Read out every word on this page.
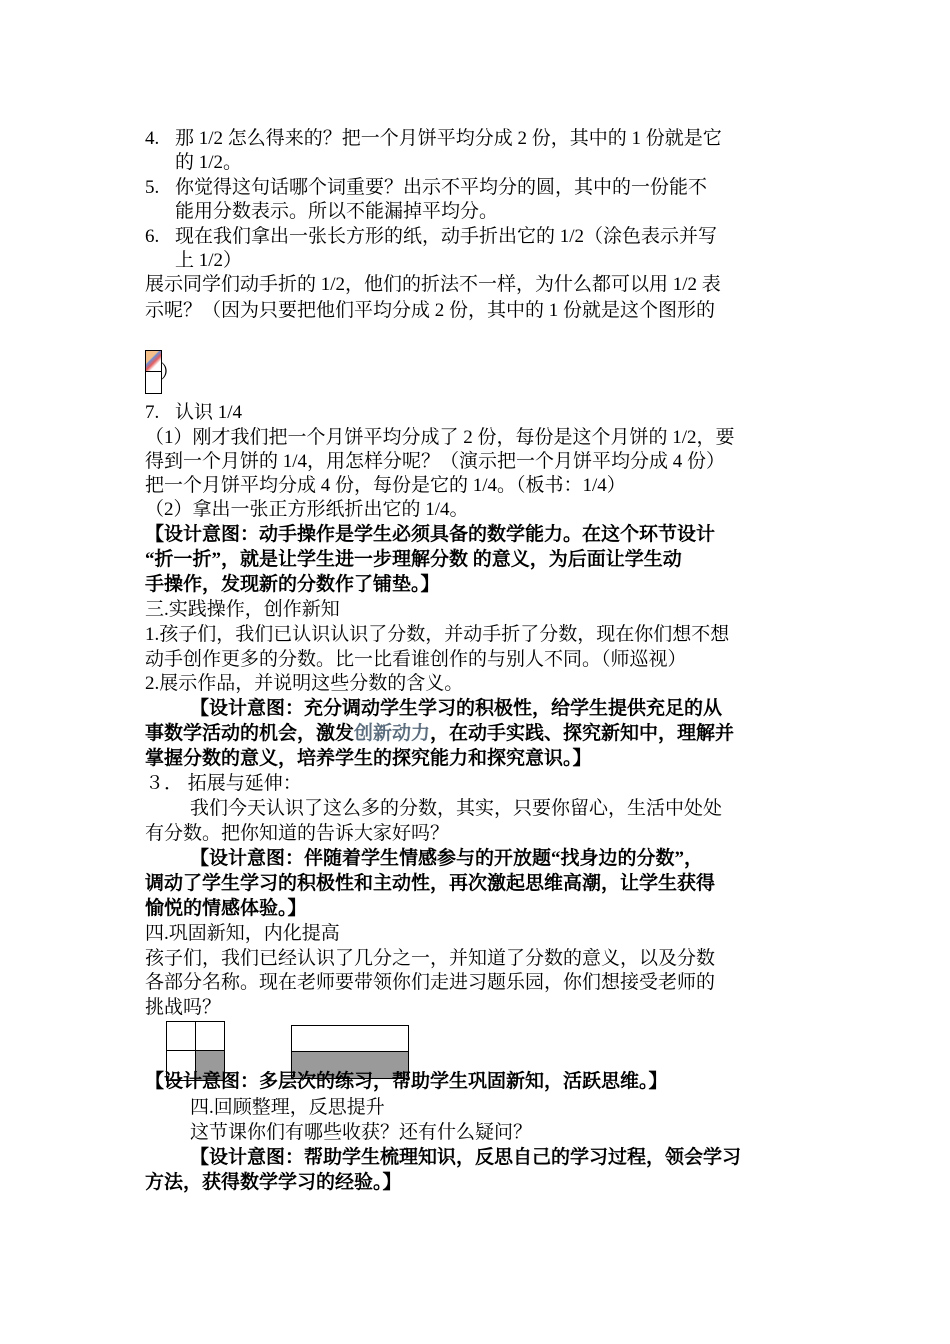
4. 那 1/2 怎么得来的？把一个月饼平均分成 2 份，其中的 1 份就是它
的 1/2。
5. 你觉得这句话哪个词重要？出示不平均分的圆，其中的一份能不
能用分数表示。所以不能漏掉平均分。
6. 现在我们拿出一张长方形的纸，动手折出它的 1/2（涂色表示并写
上 1/2）
展示同学们动手折的 1/2，他们的折法不一样，为什么都可以用 1/2 表
示呢？（因为只要把他们平均分成 2 份，其中的 1 份就是这个图形的
）
7. 认识 1/4
（1）刚才我们把一个月饼平均分成了 2 份，每份是这个月饼的 1/2，要
得到一个月饼的 1/4，用怎样分呢？（演示把一个月饼平均分成 4 份）
把一个月饼平均分成 4 份，每份是它的 1/4。（板书：1/4）
（2）拿出一张正方形纸折出它的 1/4。
【设计意图：动手操作是学生必须具备的数学能力。在这个环节设计
“折一折”，就是让学生进一步理解分数 的意义，为后面让学生动
手操作，发现新的分数作了铺垫。】
三.实践操作，创作新知
1.孩子们，我们已认识认识了分数，并动手折了分数，现在你们想不想
动手创作更多的分数。比一比看谁创作的与别人不同。（师巡视）
2.展示作品，并说明这些分数的含义。
【设计意图：充分调动学生学习的积极性，给学生提供充足的从
事数学活动的机会，激发创新动力，在动手实践、探究新知中，理解并
掌握分数的意义，培养学生的探究能力和探究意识。】
３． 拓展与延伸：
我们今天认识了这么多的分数，其实，只要你留心，生活中处处
有分数。把你知道的告诉大家好吗？
【设计意图：伴随着学生情感参与的开放题“找身边的分数”，
调动了学生学习的积极性和主动性，再次激起思维高潮，让学生获得
愉悦的情感体验。】
四.巩固新知，内化提高
孩子们，我们已经认识了几分之一，并知道了分数的意义，以及分数
各部分名称。现在老师要带领你们走进习题乐园，你们想接受老师的
挑战吗？
【设计意图：多层次的练习，帮助学生巩固新知，活跃思维。】
四.回顾整理，反思提升
这节课你们有哪些收获？还有什么疑问？
【设计意图：帮助学生梳理知识，反思自己的学习过程，领会学习
方法，获得数学学习的经验。】
